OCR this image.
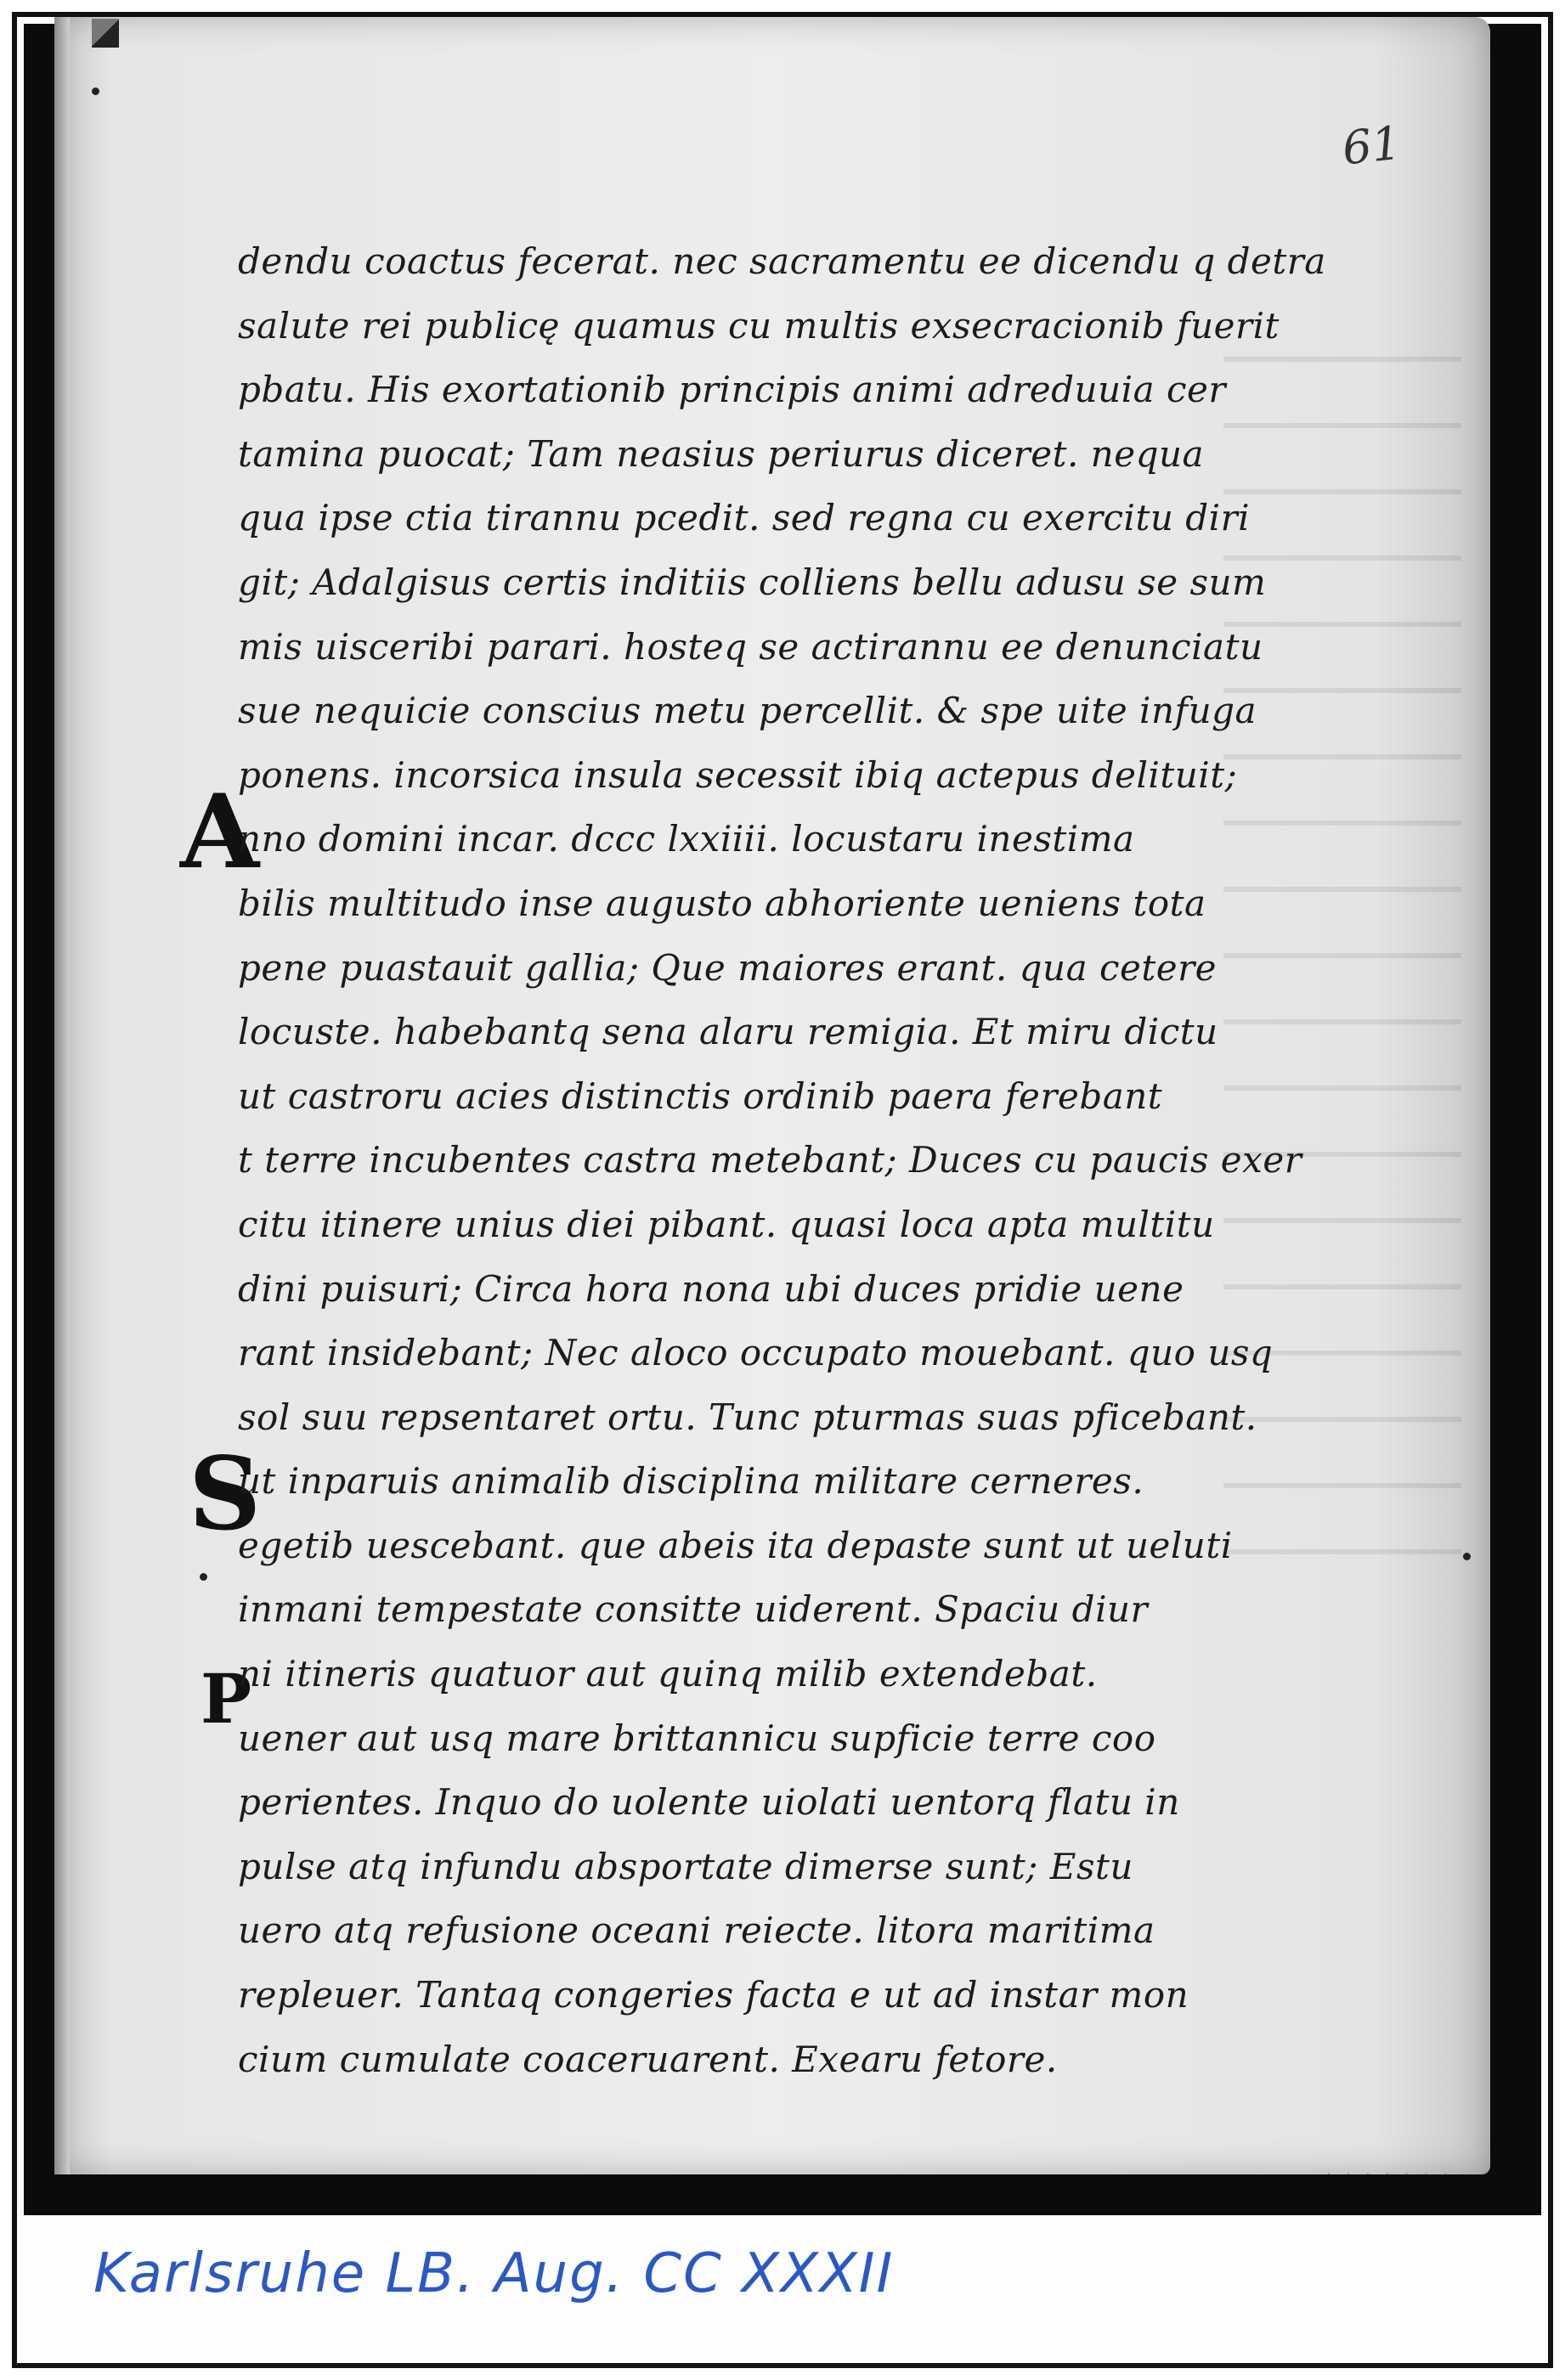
61
A
S
P
dendu coactus fecerat. nec sacramentu ee dicendu q detra
salute rei publicę quamus cu multis exsecracionib fuerit
pbatu. His exortationib principis animi adreduuia cer
tamina puocat; Tam neasius periurus diceret. nequa
qua ipse ctia tirannu pcedit. sed regna cu exercitu diri
git; Adalgisus certis inditiis colliens bellu adusu se sum
mis uisceribi parari. hosteq se actirannu ee denunciatu
sue nequicie conscius metu percellit. & spe uite infuga
ponens. incorsica insula secessit ibiq actepus delituit;
nno domini incar. dccc lxxiiii. locustaru inestima
bilis multitudo inse augusto abhoriente ueniens tota
pene puastauit gallia; Que maiores erant. qua cetere
locuste. habebantq sena alaru remigia. Et miru dictu
ut castroru acies distinctis ordinib paera ferebant
t terre incubentes castra metebant; Duces cu paucis exer
citu itinere unius diei pibant. quasi loca apta multitu
dini puisuri; Circa hora nona ubi duces pridie uene
rant insidebant; Nec aloco occupato mouebant. quo usq
sol suu repsentaret ortu. Tunc pturmas suas pficebant.
ut inparuis animalib disciplina militare cerneres.
egetib uescebant. que abeis ita depaste sunt ut ueluti
inmani tempestate consitte uiderent. Spaciu diur
ni itineris quatuor aut quinq milib extendebat.
uener aut usq mare brittannicu supficie terre coo
perientes. Inquo do uolente uiolati uentorq flatu in
pulse atq infundu absportate dimerse sunt; Estu
uero atq refusione oceani reiecte. litora maritima
repleuer. Tantaq congeries facta e ut ad instar mon
cium cumulate coaceruarent. Exearu fetore.
· · · · · · ·
Karlsruhe LB. Aug. CC XXXII
